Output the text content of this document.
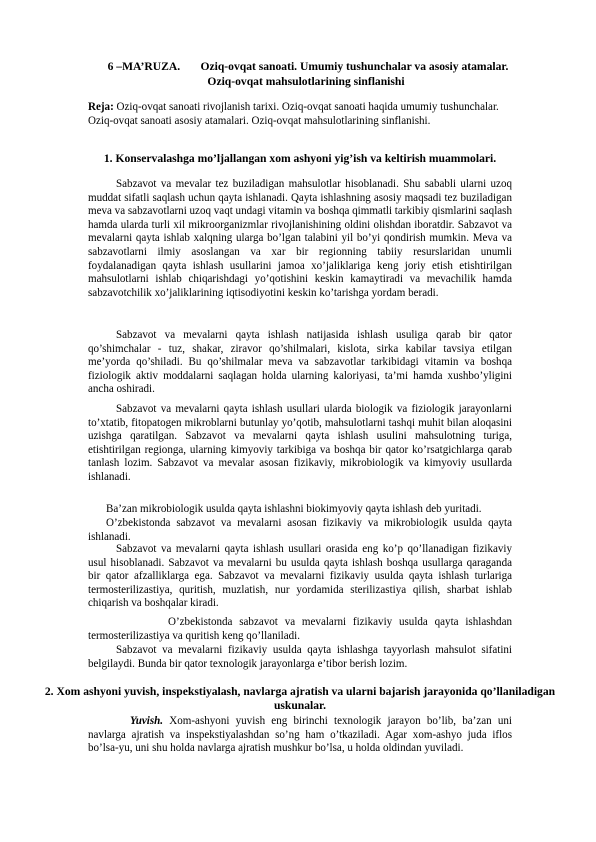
6 –MA’RUZA.       Oziq-ovqat sanoati. Umumiy tushunchalar va asosiy atamalar.
Oziq-ovqat mahsulotlarining sinflanishi
Reja: Oziq-ovqat sanoati rivojlanish tarixi. Oziq-ovqat sanoati haqida umumiy tushunchalar. Oziq-ovqat sanoati asosiy atamalari. Oziq-ovqat mahsulotlarining sinflanishi.
1. Konservalashga mo’ljallangan xom ashyoni yig’ish va keltirish muammolari.
Sabzavot va mevalar tez buziladigan mahsulotlar hisoblanadi. Shu sababli ularni uzoq muddat sifatli saqlash uchun qayta ishlanadi. Qayta ishlashning asosiy maqsadi tez buziladigan meva va sabzavotlarni uzoq vaqt undagi vitamin va boshqa qimmatli tarkibiy qismlarini saqlash hamda ularda turli xil mikroorganizmlar rivojlanishining oldini olishdan iboratdir. Sabzavot va mevalarni qayta ishlab xalqning ularga bo’lgan talabini yil bo’yi qondirish mumkin. Meva va sabzavotlarni ilmiy asoslangan va xar bir regionning tabiiy resurslaridan unumli foydalanadigan qayta ishlash usullarini jamoa xo’jaliklariga keng joriy etish etishtirilgan mahsulotlarni ishlab chiqarishdagi yo’qotishini keskin kamaytiradi va mevachilik hamda sabzavotchilik xo’jaliklarining iqtisodiyotini keskin ko’tarishga yordam beradi.
Sabzavot va mevalarni qayta ishlash natijasida ishlash usuliga qarab bir qator qo’shimchalar - tuz, shakar, ziravor qo’shilmalari, kislota, sirka kabilar tavsiya etilgan me’yorda qo’shiladi. Bu qo’shilmalar meva va sabzavotlar tarkibidagi vitamin va boshqa fiziologik aktiv moddalarni saqlagan holda ularning kaloriyasi, ta’mi hamda xushbo’yligini ancha oshiradi.
Sabzavot va mevalarni qayta ishlash usullari ularda biologik va fiziologik jarayonlarni to’xtatib, fitopatogen mikroblarni butunlay yo’qotib, mahsulotlarni tashqi muhit bilan aloqasini uzishga qaratilgan. Sabzavot va mevalarni qayta ishlash usulini mahsulotning turiga, etishtirilgan regionga, ularning kimyoviy tarkibiga va boshqa bir qator ko’rsatgichlarga qarab tanlash lozim. Sabzavot va mevalar asosan fizikaviy, mikrobiologik va kimyoviy usullarda ishlanadi.
Ba’zan mikrobiologik usulda qayta ishlashni biokimyoviy qayta ishlash deb yuritadi.
O’zbekistonda sabzavot va mevalarni asosan fizikaviy va mikrobiologik usulda qayta ishlanadi.
Sabzavot va mevalarni qayta ishlash usullari orasida eng ko’p qo’llanadigan fizikaviy usul hisoblanadi. Sabzavot va mevalarni bu usulda qayta ishlash boshqa usullarga qaraganda bir qator afzalliklarga ega. Sabzavot va mevalarni fizikaviy usulda qayta ishlash turlariga termosterilizastiya, quritish, muzlatish, nur yordamida sterilizastiya qilish, sharbat ishlab chiqarish va boshqalar kiradi.
O’zbekistonda sabzavot va mevalarni fizikaviy usulda qayta ishlashdan termosterilizastiya va quritish keng qo’llaniladi.
Sabzavot va mevalarni fizikaviy usulda qayta ishlashga tayyorlash mahsulot sifatini belgilaydi. Bunda bir qator texnologik jarayonlarga e’tibor berish lozim.
2. Xom ashyoni yuvish, inspekstiyalash, navlarga ajratish va ularni bajarish jarayonida qo’llaniladigan uskunalar.
Yuvish. Xom-ashyoni yuvish eng birinchi texnologik jarayon bo’lib, ba’zan uni navlarga ajratish va inspekstiyalashdan so’ng ham o’tkaziladi. Agar xom-ashyo juda iflos bo’lsa-yu, uni shu holda navlarga ajratish mushkur bo’lsa, u holda oldindan yuviladi.
